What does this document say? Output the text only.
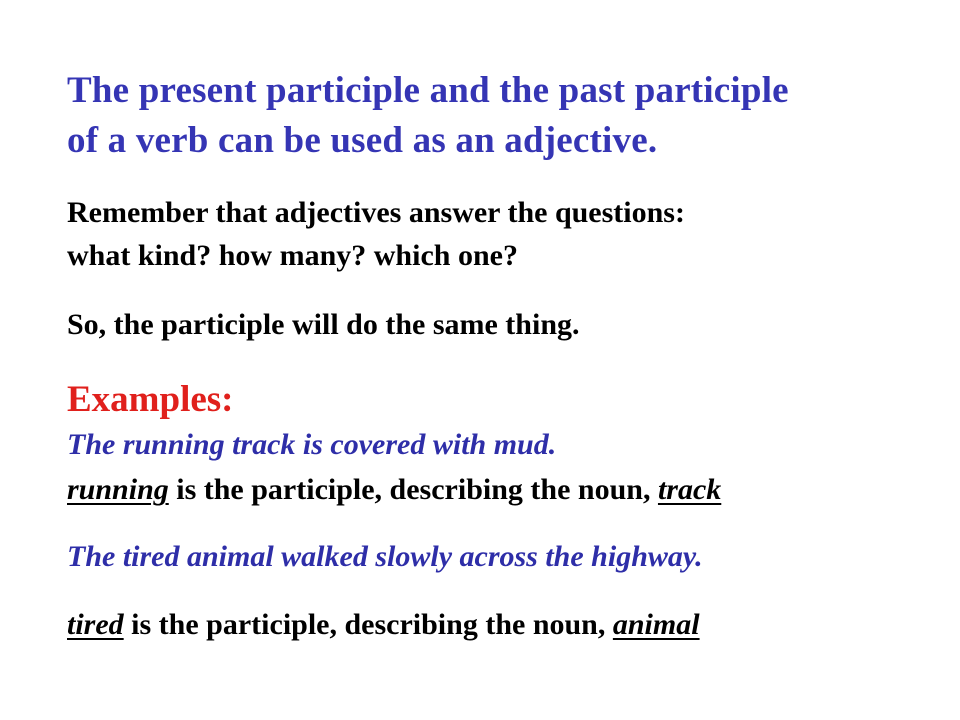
The present participle and the past participle
of a verb can be used as an adjective.
Remember that adjectives answer the questions:
what kind? how many? which one?
So, the participle will do the same thing.
Examples:
The running track is covered with mud.
running is the participle, describing the noun, track
The tired animal walked slowly across the highway.
tired is the participle, describing the noun, animal
